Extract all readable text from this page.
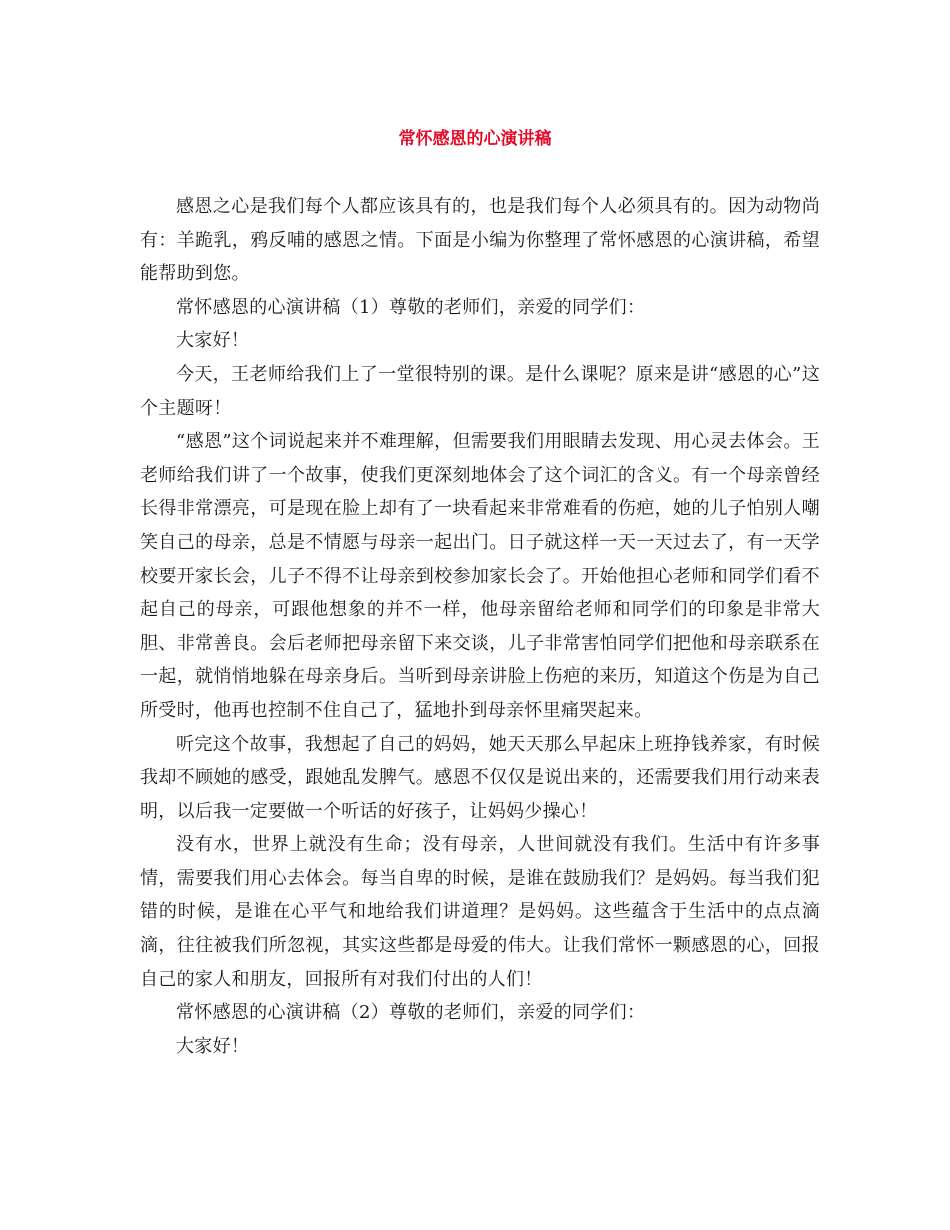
常怀感恩的心演讲稿

感恩之心是我们每个人都应该具有的，也是我们每个人必须具有的。因为动物尚有：羊跪乳，鸦反哺的感恩之情。下面是小编为你整理了常怀感恩的心演讲稿，希望能帮助到您。

常怀感恩的心演讲稿（1）尊敬的老师们，亲爱的同学们：

大家好！

今天，王老师给我们上了一堂很特别的课。是什么课呢？原来是讲“感恩的心”这个主题呀！

“感恩”这个词说起来并不难理解，但需要我们用眼睛去发现、用心灵去体会。王老师给我们讲了一个故事，使我们更深刻地体会了这个词汇的含义。有一个母亲曾经长得非常漂亮，可是现在脸上却有了一块看起来非常难看的伤疤，她的儿子怕别人嘲笑自己的母亲，总是不情愿与母亲一起出门。日子就这样一天一天过去了，有一天学校要开家长会，儿子不得不让母亲到校参加家长会了。开始他担心老师和同学们看不起自己的母亲，可跟他想象的并不一样，他母亲留给老师和同学们的印象是非常大胆、非常善良。会后老师把母亲留下来交谈，儿子非常害怕同学们把他和母亲联系在一起，就悄悄地躲在母亲身后。当听到母亲讲脸上伤疤的来历，知道这个伤是为自己所受时，他再也控制不住自己了，猛地扑到母亲怀里痛哭起来。

听完这个故事，我想起了自己的妈妈，她天天那么早起床上班挣钱养家，有时候我却不顾她的感受，跟她乱发脾气。感恩不仅仅是说出来的，还需要我们用行动来表明，以后我一定要做一个听话的好孩子，让妈妈少操心！

没有水，世界上就没有生命；没有母亲，人世间就没有我们。生活中有许多事情，需要我们用心去体会。每当自卑的时候，是谁在鼓励我们？是妈妈。每当我们犯错的时候，是谁在心平气和地给我们讲道理？是妈妈。这些蕴含于生活中的点点滴滴，往往被我们所忽视，其实这些都是母爱的伟大。让我们常怀一颗感恩的心，回报自己的家人和朋友，回报所有对我们付出的人们！

常怀感恩的心演讲稿（2）尊敬的老师们，亲爱的同学们：

大家好！
